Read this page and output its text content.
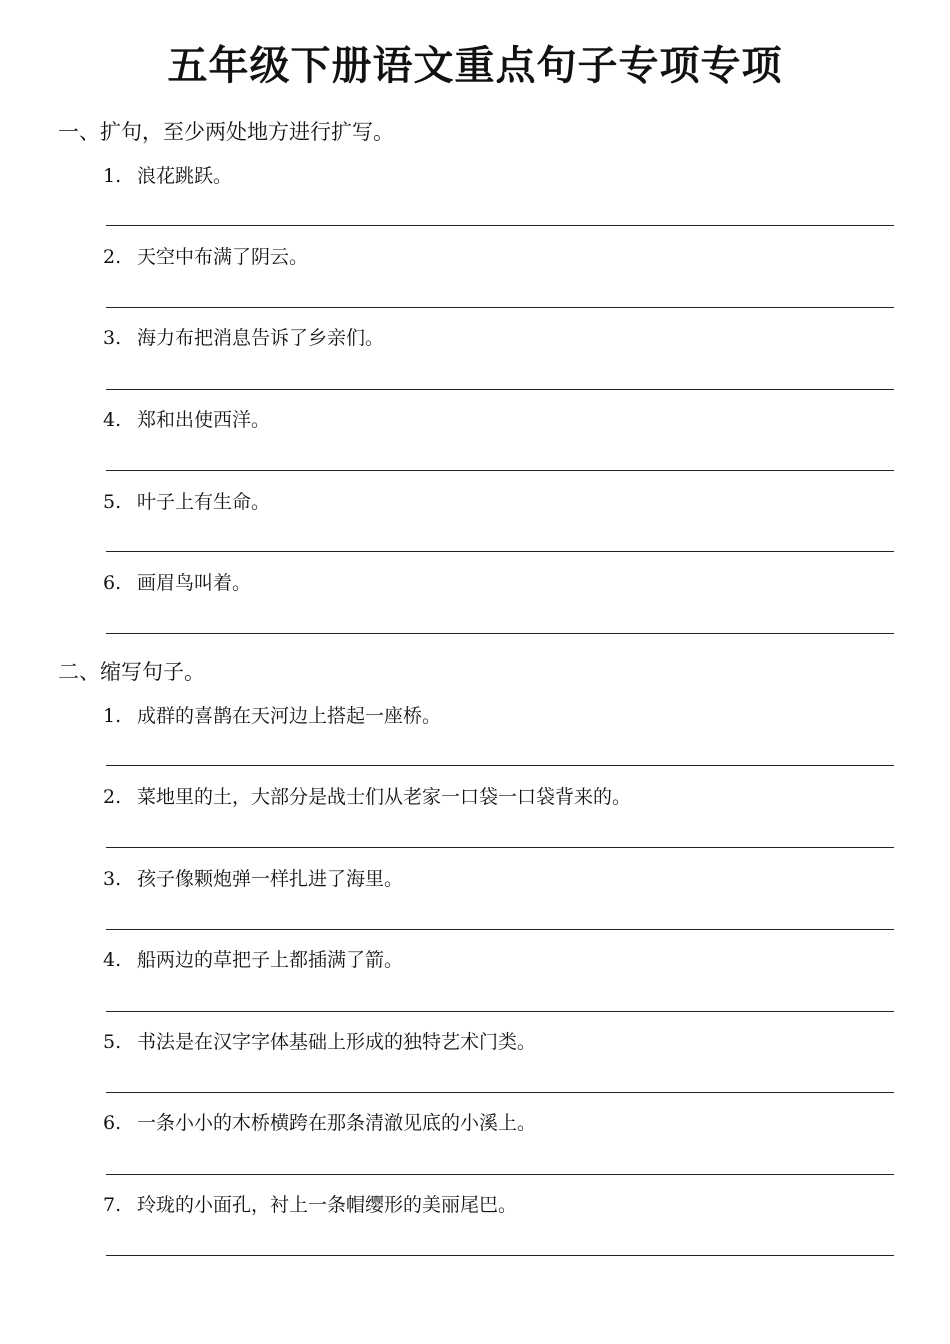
五年级下册语文重点句子专项专项
一、扩句，至少两处地方进行扩写。
1. 浪花跳跃。
2. 天空中布满了阴云。
3. 海力布把消息告诉了乡亲们。
4. 郑和出使西洋。
5. 叶子上有生命。
6. 画眉鸟叫着。
二、缩写句子。
1. 成群的喜鹊在天河边上搭起一座桥。
2. 菜地里的土，大部分是战士们从老家一口袋一口袋背来的。
3. 孩子像颗炮弹一样扎进了海里。
4. 船两边的草把子上都插满了箭。
5. 书法是在汉字字体基础上形成的独特艺术门类。
6. 一条小小的木桥横跨在那条清澈见底的小溪上。
7. 玲珑的小面孔，衬上一条帽缨形的美丽尾巴。
